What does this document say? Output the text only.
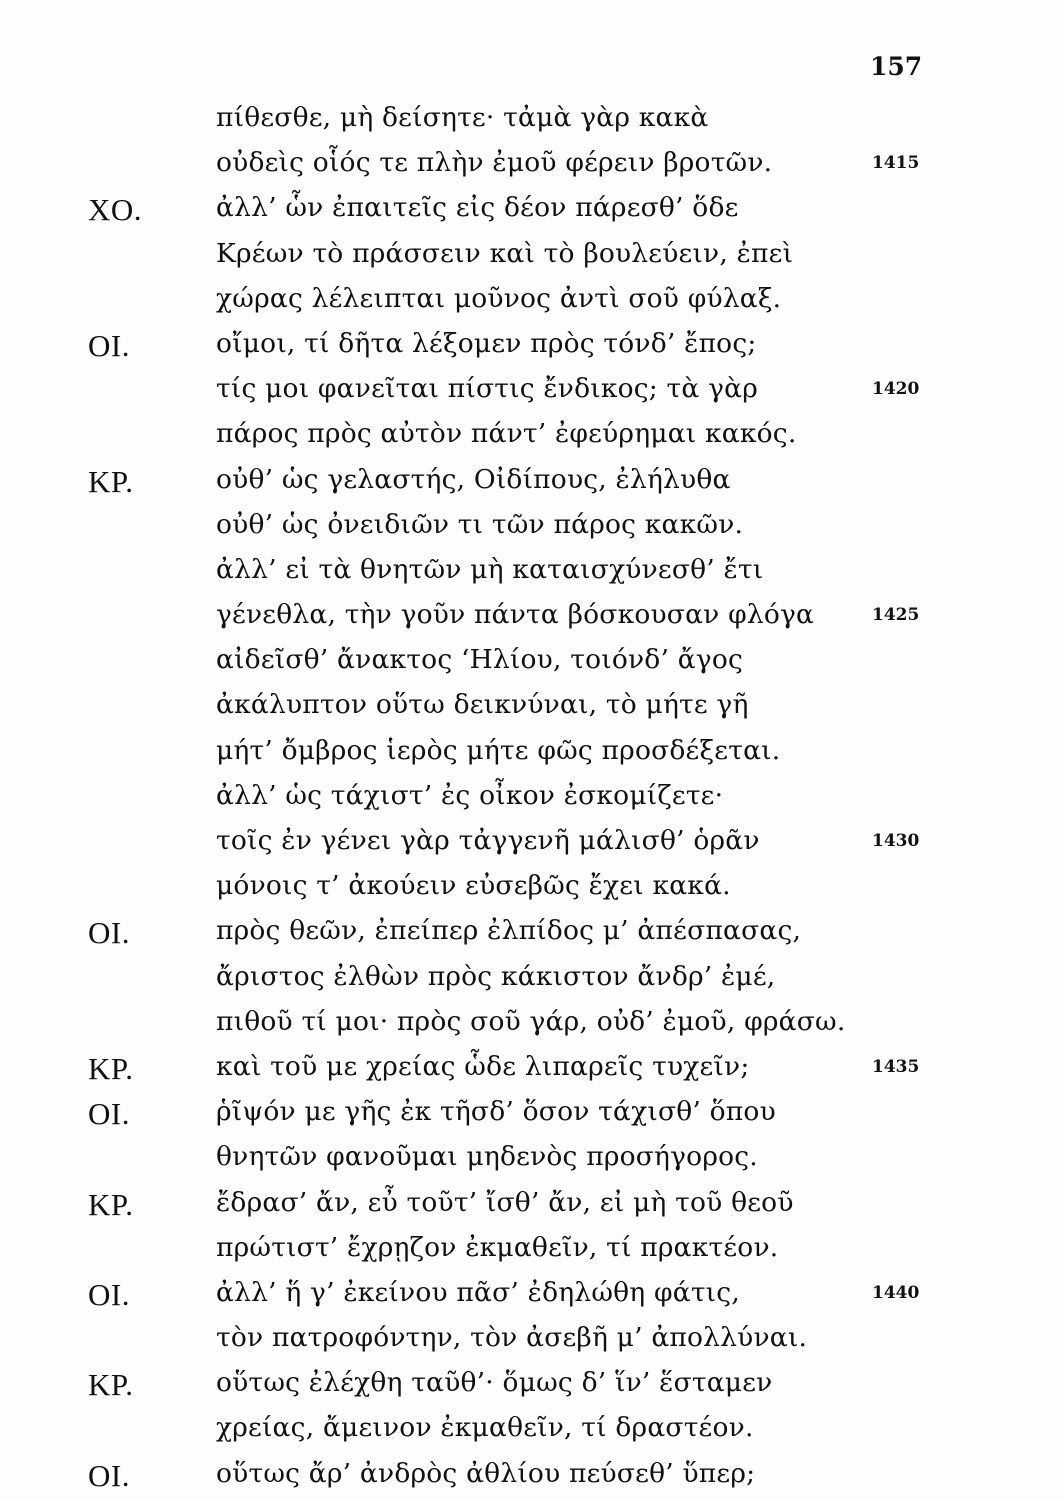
157
πίθεσθε, μὴ δείσητε· τἀμὰ γὰρ κακὰ
οὐδεὶς οἷός τε πλὴν ἐμοῦ φέρειν βροτῶν.	1415
ΧΟ.	ἀλλ’ ὧν ἐπαιτεῖς εἰς δέον πάρεσθ’ ὅδε
Κρέων τὸ πράσσειν καὶ τὸ βουλεύειν, ἐπεὶ
χώρας λέλειπται μοῦνος ἀντὶ σοῦ φύλαξ.
ΟΙ.	οἴμοι, τί δῆτα λέξομεν πρὸς τόνδ’ ἔπος;
τίς μοι φανεῖται πίστις ἔνδικος; τὰ γὰρ	1420
πάρος πρὸς αὐτὸν πάντ’ ἐφεύρημαι κακός.
ΚΡ.	οὐθ’ ὡς γελαστής, Οἰδίπους, ἐλήλυθα
οὐθ’ ὡς ὀνειδιῶν τι τῶν πάρος κακῶν.
ἀλλ’ εἰ τὰ θνητῶν μὴ καταισχύνεσθ’ ἔτι
γένεθλα, τὴν γοῦν πάντα βόσκουσαν φλόγα	1425
αἰδεῖσθ’ ἄνακτος ‘Ηλίου, τοιόνδ’ ἄγος
ἀκάλυπτον οὕτω δεικνύναι, τὸ μήτε γῆ
μήτ’ ὄμβρος ἱερὸς μήτε φῶς προσδέξεται.
ἀλλ’ ὡς τάχιστ’ ἐς οἶκον ἐσκομίζετε·
τοῖς ἐν γένει γὰρ τἀγγενῆ μάλισθ’ ὁρᾶν	1430
μόνοις τ’ ἀκούειν εὐσεβῶς ἔχει κακά.
ΟΙ.	πρὸς θεῶν, ἐπείπερ ἐλπίδος μ’ ἀπέσπασας,
ἄριστος ἐλθὼν πρὸς κάκιστον ἄνδρ’ ἐμέ,
πιθοῦ τί μοι· πρὸς σοῦ γάρ, οὐδ’ ἐμοῦ, φράσω.
ΚΡ.	καὶ τοῦ με χρείας ὧδε λιπαρεῖς τυχεῖν;	1435
ΟΙ.	ῥῖψόν με γῆς ἐκ τῆσδ’ ὅσον τάχισθ’ ὅπου
θνητῶν φανοῦμαι μηδενὸς προσήγορος.
ΚΡ.	ἔδρασ’ ἄν, εὖ τοῦτ’ ἴσθ’ ἄν, εἰ μὴ τοῦ θεοῦ
πρώτιστ’ ἔχρῃζον ἐκμαθεῖν, τί πρακτέον.
ΟΙ.	ἀλλ’ ἥ γ’ ἐκείνου πᾶσ’ ἐδηλώθη φάτις,	1440
τὸν πατροφόντην, τὸν ἀσεβῆ μ’ ἀπολλύναι.
ΚΡ.	οὕτως ἐλέχθη ταῦθ’· ὅμως δ’ ἵν’ ἕσταμεν
χρείας, ἄμεινον ἐκμαθεῖν, τί δραστέον.
ΟΙ.	οὕτως ἄρ’ ἀνδρὸς ἀθλίου πεύσεθ’ ὕπερ;
